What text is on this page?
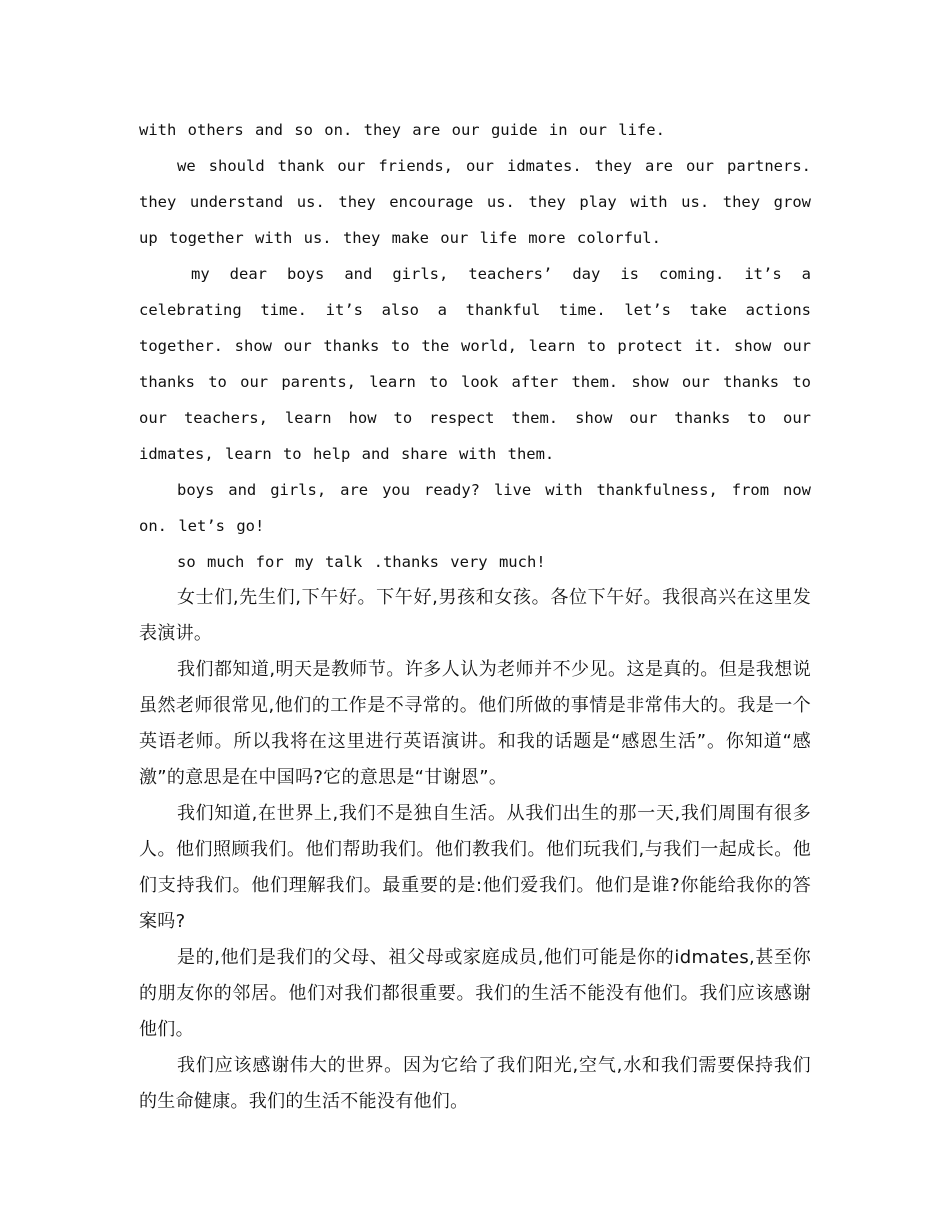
with others and so on. they are our guide in our life.

we should thank our friends, our idmates. they are our partners. they understand us. they encourage us. they play with us. they grow up together with us. they make our life more colorful.

my dear boys and girls, teachers’ day is coming. it’s a celebrating time. it’s also a thankful time. let’s take actions together. show our thanks to the world, learn to protect it. show our thanks to our parents, learn to look after them. show our thanks to our teachers, learn how to respect them. show our thanks to our idmates, learn to help and share with them.

boys and girls, are you ready? live with thankfulness, from now on. let’s go!

so much for my talk .thanks very much!

女士们,先生们,下午好。下午好,男孩和女孩。各位下午好。我很高兴在这里发表演讲。

我们都知道,明天是教师节。许多人认为老师并不少见。这是真的。但是我想说虽然老师很常见,他们的工作是不寻常的。他们所做的事情是非常伟大的。我是一个英语老师。所以我将在这里进行英语演讲。和我的话题是“感恩生活”。你知道“感激”的意思是在中国吗?它的意思是“甘谢恩”。

我们知道,在世界上,我们不是独自生活。从我们出生的那一天,我们周围有很多人。他们照顾我们。他们帮助我们。他们教我们。他们玩我们,与我们一起成长。他们支持我们。他们理解我们。最重要的是:他们爱我们。他们是谁?你能给我你的答案吗?

是的,他们是我们的父母、祖父母或家庭成员,他们可能是你的idmates,甚至你的朋友你的邻居。他们对我们都很重要。我们的生活不能没有他们。我们应该感谢他们。

我们应该感谢伟大的世界。因为它给了我们阳光,空气,水和我们需要保持我们的生命健康。我们的生活不能没有他们。
